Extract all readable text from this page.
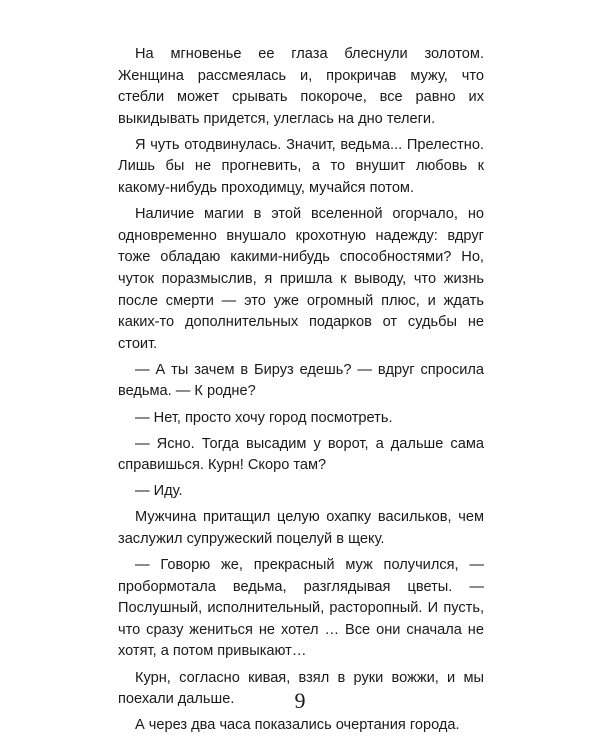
На мгновенье ее глаза блеснули золотом. Женщина рассмеялась и, прокричав мужу, что стебли может срывать покороче, все равно их выкидывать придется, улеглась на дно телеги.

Я чуть отодвинулась. Значит, ведьма... Прелестно. Лишь бы не прогневить, а то внушит любовь к какому-нибудь проходимцу, мучайся потом.

Наличие магии в этой вселенной огорчало, но одновременно внушало крохотную надежду: вдруг тоже обладаю какими-нибудь способностями? Но, чуток поразмыслив, я пришла к выводу, что жизнь после смерти — это уже огромный плюс, и ждать каких-то дополнительных подарков от судьбы не стоит.

— А ты зачем в Бируз едешь? — вдруг спросила ведьма. — К родне?

— Нет, просто хочу город посмотреть.

— Ясно. Тогда высадим у ворот, а дальше сама справишься. Курн! Скоро там?

— Иду.

Мужчина притащил целую охапку васильков, чем заслужил супружеский поцелуй в щеку.

— Говорю же, прекрасный муж получился, — пробормотала ведьма, разглядывая цветы. — Послушный, исполнительный, расторопный. И пусть, что сразу жениться не хотел … Все они сначала не хотят, а потом привыкают…

Курн, согласно кивая, взял в руки вожжи, и мы поехали дальше.

А через два часа показались очертания города.

9
